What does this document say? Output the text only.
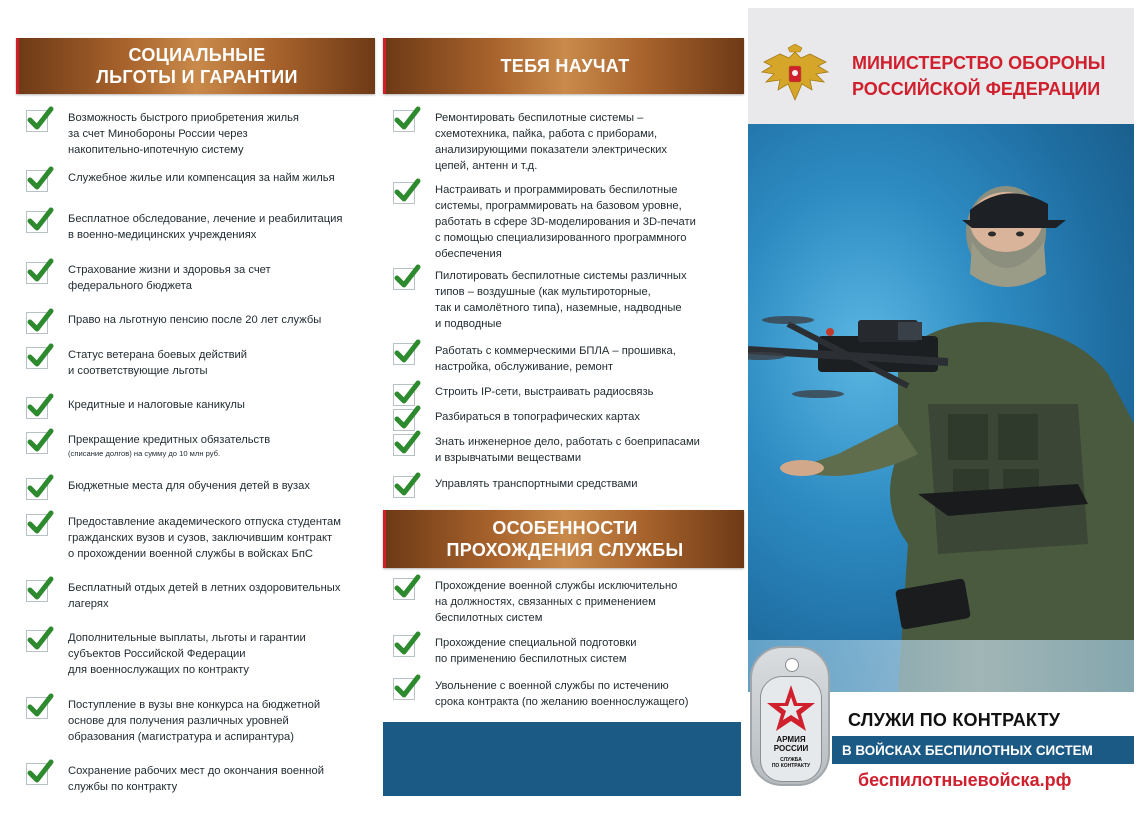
СОЦИАЛЬНЫЕ
ЛЬГОТЫ И ГАРАНТИИ
Возможность быстрого приобретения жилья
за счет Минобороны России через
накопительно-ипотечную систему
Служебное жилье или компенсация за найм жилья
Бесплатное обследование, лечение и реабилитация
в военно-медицинских учреждениях
Страхование жизни и здоровья за счет
федерального бюджета
Право на льготную пенсию после 20 лет службы
Статус ветерана боевых действий
и соответствующие льготы
Кредитные и налоговые каникулы
Прекращение кредитных обязательств
(списание долгов) на сумму до 10 млн руб.
Бюджетные места для обучения детей в вузах
Предоставление академического отпуска студентам
гражданских вузов и сузов, заключившим контракт
о прохождении военной службы в войсках БпС
Бесплатный отдых детей в летних оздоровительных
лагерях
Дополнительные выплаты, льготы и гарантии
субъектов Российской Федерации
для военнослужащих по контракту
Поступление в вузы вне конкурса на бюджетной
основе для получения различных уровней
образования (магистратура и аспирантура)
Сохранение рабочих мест до окончания военной
службы по контракту
ТЕБЯ НАУЧАТ
Ремонтировать беспилотные системы –
схемотехника, пайка, работа с приборами,
анализирующими показатели электрических
цепей, антенн и т.д.
Настраивать и программировать беспилотные
системы, программировать на базовом уровне,
работать в сфере 3D-моделирования и 3D-печати
с помощью специализированного программного
обеспечения
Пилотировать беспилотные системы различных
типов – воздушные (как мультироторные,
так и самолётного типа), наземные, надводные
и подводные
Работать с коммерческими БПЛА – прошивка,
настройка, обслуживание, ремонт
Строить IP-сети, выстраивать радиосвязь
Разбираться в топографических картах
Знать инженерное дело, работать с боеприпасами
и взрывчатыми веществами
Управлять транспортными средствами
ОСОБЕННОСТИ
ПРОХОЖДЕНИЯ СЛУЖБЫ
Прохождение военной службы исключительно
на должностях, связанных с применением
беспилотных систем
Прохождение специальной подготовки
по применению беспилотных систем
Увольнение с военной службы по истечению
срока контракта (по желанию военнослужащего)
МИНИСТЕРСТВО ОБОРОНЫ
РОССИЙСКОЙ ФЕДЕРАЦИИ
СЛУЖИ ПО КОНТРАКТУ
В ВОЙСКАХ БЕСПИЛОТНЫХ СИСТЕМ
беспилотныевойска.рф
АРМИЯ
РОССИИ
СЛУЖБА
ПО КОНТРАКТУ
